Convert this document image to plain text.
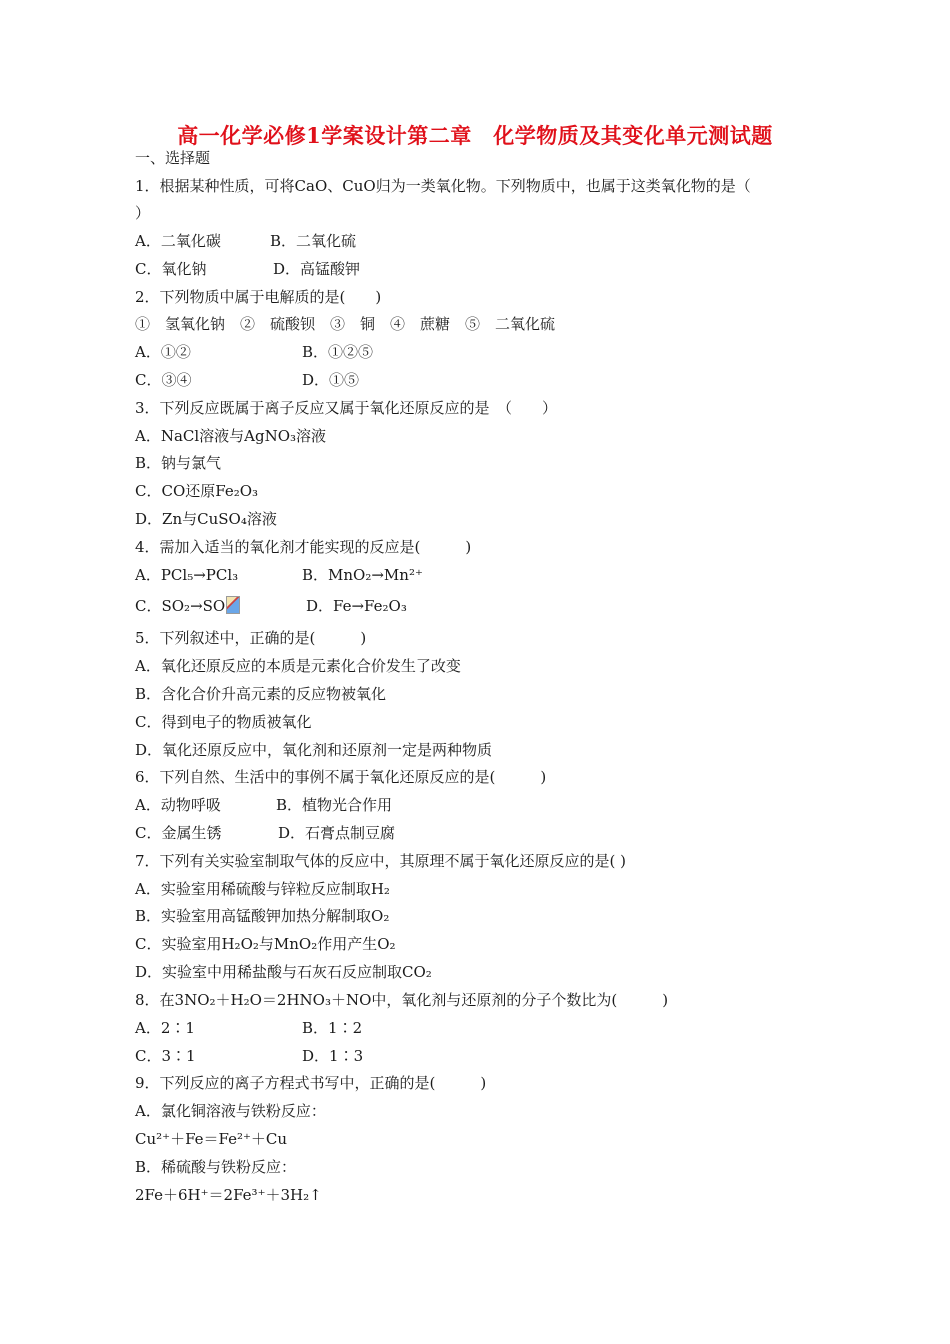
高一化学必修1学案设计第二章　化学物质及其变化单元测试题
一、选择题
1．根据某种性质，可将CaO、CuO归为一类氧化物。下列物质中，也属于这类氧化物的是（
）
A．二氧化碳	B．二氧化硫
C．氧化钠	D．高锰酸钾
2．下列物质中属于电解质的是(　　)
①　氢氧化钠　②　硫酸钡　③　铜　④　蔗糖　⑤　二氧化硫
A．①②	B．①②⑤
C．③④	D．①⑤
3．下列反应既属于离子反应又属于氧化还原反应的是　（　　）
A．NaCl溶液与AgNO₃溶液
B．钠与氯气
C．CO还原Fe₂O₃
D．Zn与CuSO₄溶液
4．需加入适当的氧化剂才能实现的反应是(　　　)
A．PCl₅→PCl₃	B．MnO₂→Mn²⁺
C．SO₂→SO	D．Fe→Fe₂O₃
5．下列叙述中，正确的是(　　　)
A．氧化还原反应的本质是元素化合价发生了改变
B．含化合价升高元素的反应物被氧化
C．得到电子的物质被氧化
D．氧化还原反应中，氧化剂和还原剂一定是两种物质
6．下列自然、生活中的事例不属于氧化还原反应的是(　　　)
A．动物呼吸	B．植物光合作用
C．金属生锈	D．石膏点制豆腐
7．下列有关实验室制取气体的反应中，其原理不属于氧化还原反应的是( )
A．实验室用稀硫酸与锌粒反应制取H₂
B．实验室用高锰酸钾加热分解制取O₂
C．实验室用H₂O₂与MnO₂作用产生O₂
D．实验室中用稀盐酸与石灰石反应制取CO₂
8．在3NO₂＋H₂O＝2HNO₃＋NO中，氧化剂与还原剂的分子个数比为(　　　)
A．2∶1	B．1∶2
C．3∶1	D．1∶3
9．下列反应的离子方程式书写中，正确的是(　　　)
A．氯化铜溶液与铁粉反应：
Cu²⁺＋Fe＝Fe²⁺＋Cu
B．稀硫酸与铁粉反应：
2Fe＋6H⁺＝2Fe³⁺＋3H₂↑
